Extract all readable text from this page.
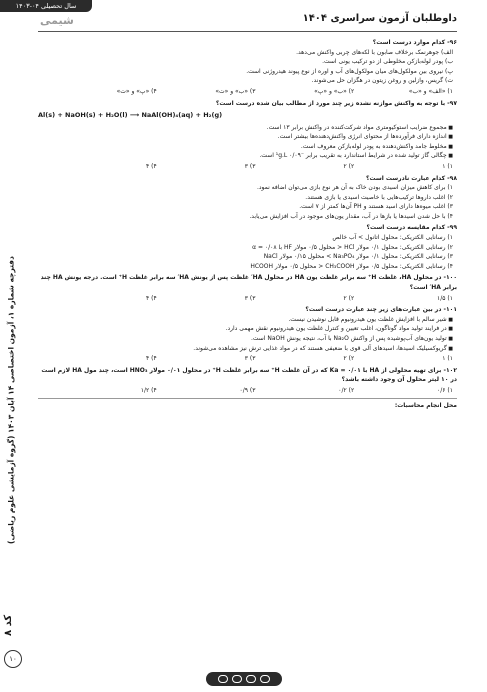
سال تحصیلی ۰۴-۱۴۰۳
شیمی	داوطلبان آزمون سراسری ۱۴۰۴
دفترچه شماره ۱، آزمون اختصاصی ۱۴ آبان ۱۴۰۳ (گروه آزمایشی علوم ریاضی)
کد ۸
۱۰
۹۶- کدام موارد درست است؟
الف) جوهرنمک برخلاف صابون با لکه‌های چربی واکنش می‌دهد.
ب) پودر لوله‌بازکن مخلوطی از دو ترکیب یونی است.
پ) نیروی بین مولکول‌های میان مولکول‌های آب و اوره از نوع پیوند هیدروژنی است.
ت) گریس، وازلین و روغن زیتون در هگزان حل می‌شوند.
۱) «الف» و «ب»
۲) «ب» و «پ»
۳) «ب» و «ت»
۴) «پ» و «ت»
۹۷- با توجه به واکنش موازنه نشده زیر چند مورد از مطالب بیان شده درست است؟
Al(s) + NaOH(s) + H₂O(l) ⟶ NaAl(OH)₄(aq) + H₂(g)
■ مجموع ضرایب استوکیومتری مواد شرکت‌کننده در واکنش برابر ۱۳ است.
■ اندازه دارای فرآورده‌ها از محتوای انرژی واکنش‌دهنده‌ها بیشتر است.
■ مخلوط جامد واکنش‌دهنده به پودر لوله‌بازکن معروف است.
■ چگالی گاز تولید شده در شرایط استاندارد به تقریب برابر ⁻¹g.L ۰/۰۹ است.
۱) ۱
۲) ۲
۳) ۳
۴) ۴
۹۸- کدام عبارت نادرست است؟
۱) برای کاهش میزان اسیدی بودن خاک به آن هر نوع بازی می‌توان اضافه نمود.
۲) اغلب داروها ترکیب‌هایی با خاصیت اسیدی یا بازی هستند.
۳) اغلب میوه‌ها دارای اسید هستند و PH آن‌ها کمتر از ۷ است.
۴) با حل شدن اسیدها یا بازها در آب، مقدار یون‌های موجود در آب افزایش می‌یابد.
۹۹- کدام مقایسه درست است؟
۱) رسانایی الکتریکی: محلول اتانول > آب خالص
۲) رسانایی الکتریکی: محلول ۰/۱ مولار HCl < محلول ۰/۵ مولار HF با α = ۰/۰۸
۳) رسانایی الکتریکی: محلول ۰/۱ مولار Na₃PO₄ > محلول ۰/۱۵ مولار NaCl
۴) رسانایی الکتریکی: محلول ۰/۵ مولار CH₃COOH < محلول ۰/۵ مولار HCOOH
۱۰۰- در محلول HA، غلظت H⁺ سه برابر غلظت یون HA در محلول HA′ غلظت پس از یونش HA′ سه برابر غلظت H⁺ است. درجه یونش HA چند برابر HA′ است؟
۱) ۱/۵
۲) ۲
۳) ۳
۴) ۴
۱۰۱- در بین عبارت‌های زیر چند عبارت درست است؟
■ شیر سالم با افزایش غلظت یون هیدرونیوم قابل نوشیدن نیست.
■ در فرایند تولید مواد گوناگون، اغلب تعیین و کنترل غلظت یون هیدرونیوم نقش مهمی دارد.
■ تولید یون‌های آب‌پوشیده پس از واکنش Na₂O با آب، نتیجه یونش NaOH است.
■ گریوکسیلیک اسیدها، اسیدهای آلی قوی با ضعیفی هستند که در مواد غذایی ترش نیز مشاهده می‌شوند.
۱) ۱
۲) ۲
۳) ۳
۴) ۴
۱۰۲- برای تهیه محلولی از HA با Ka = ۰/۰۱ که در آن غلظت H⁺ سه برابر غلظت H⁺ در محلول ۰/۰۱ مولار HNO₃ است، چند مول HA لازم است در ۱۰ لیتر محلول آن وجود داشته باشد؟
۱) ۰/۶
۲) ۰/۲
۳) ۰/۹
۴) ۱/۲
محل انجام محاسبات:
